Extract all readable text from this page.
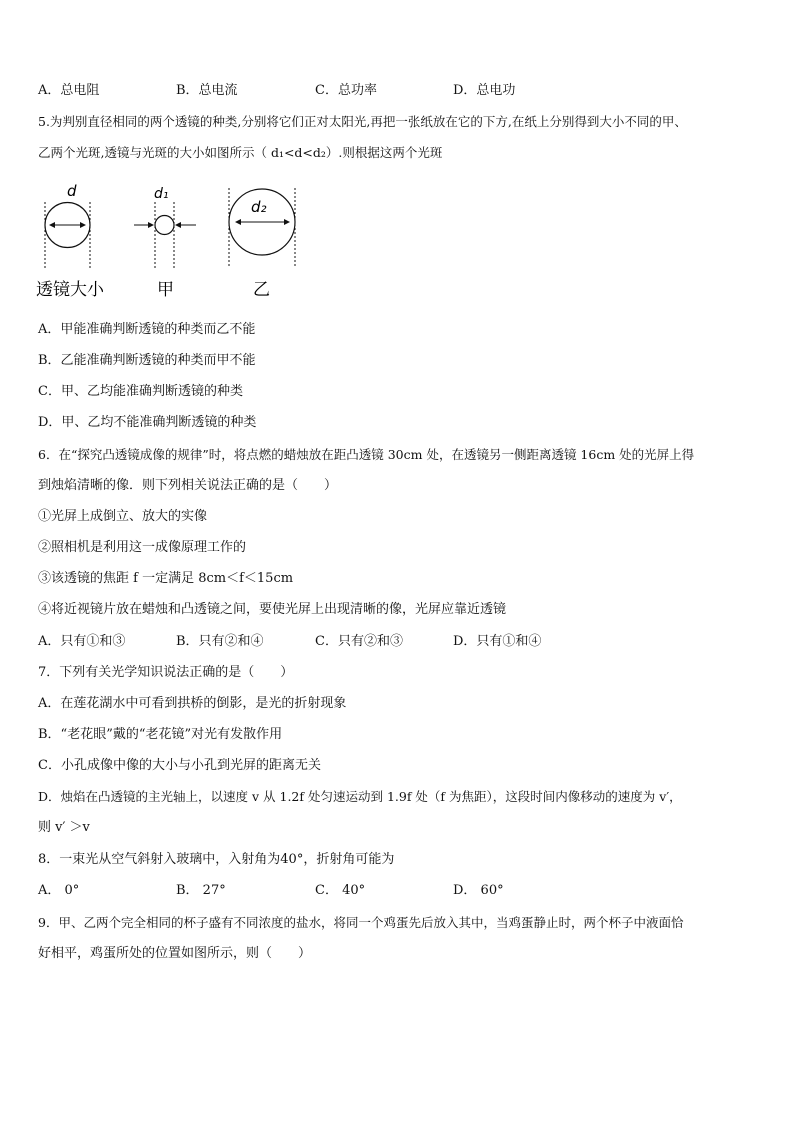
A．总电阻	B．总电流	C．总功率	D．总电功
5.为判别直径相同的两个透镜的种类,分别将它们正对太阳光,再把一张纸放在它的下方,在纸上分别得到大小不同的甲、
乙两个光斑,透镜与光斑的大小如图所示（ d₁<d<d₂）.则根据这两个光斑
d
透镜大小
d₁
甲
d₂
乙
A．甲能准确判断透镜的种类而乙不能
B．乙能准确判断透镜的种类而甲不能
C．甲、乙均能准确判断透镜的种类
D．甲、乙均不能准确判断透镜的种类
6．在“探究凸透镜成像的规律”时，将点燃的蜡烛放在距凸透镜 30cm 处，在透镜另一侧距离透镜 16cm 处的光屏上得
到烛焰清晰的像．则下列相关说法正确的是（　　）
①光屏上成倒立、放大的实像
②照相机是利用这一成像原理工作的
③该透镜的焦距 f 一定满足 8cm＜f＜15cm
④将近视镜片放在蜡烛和凸透镜之间，要使光屏上出现清晰的像，光屏应靠近透镜
A．只有①和③	B．只有②和④	C．只有②和③	D．只有①和④
7．下列有关光学知识说法正确的是（　　）
A．在莲花湖水中可看到拱桥的倒影，是光的折射现象
B．“老花眼”戴的“老花镜”对光有发散作用
C．小孔成像中像的大小与小孔到光屏的距离无关
D．烛焰在凸透镜的主光轴上，以速度 v 从 1.2f 处匀速运动到 1.9f 处（f 为焦距），这段时间内像移动的速度为 v′，
则 v′ ＞v
8．一束光从空气斜射入玻璃中，入射角为40°，折射角可能为
A． 0°	B． 27°	C． 40°	D． 60°
9．甲、乙两个完全相同的杯子盛有不同浓度的盐水，将同一个鸡蛋先后放入其中，当鸡蛋静止时，两个杯子中液面恰
好相平，鸡蛋所处的位置如图所示，则（　　）
